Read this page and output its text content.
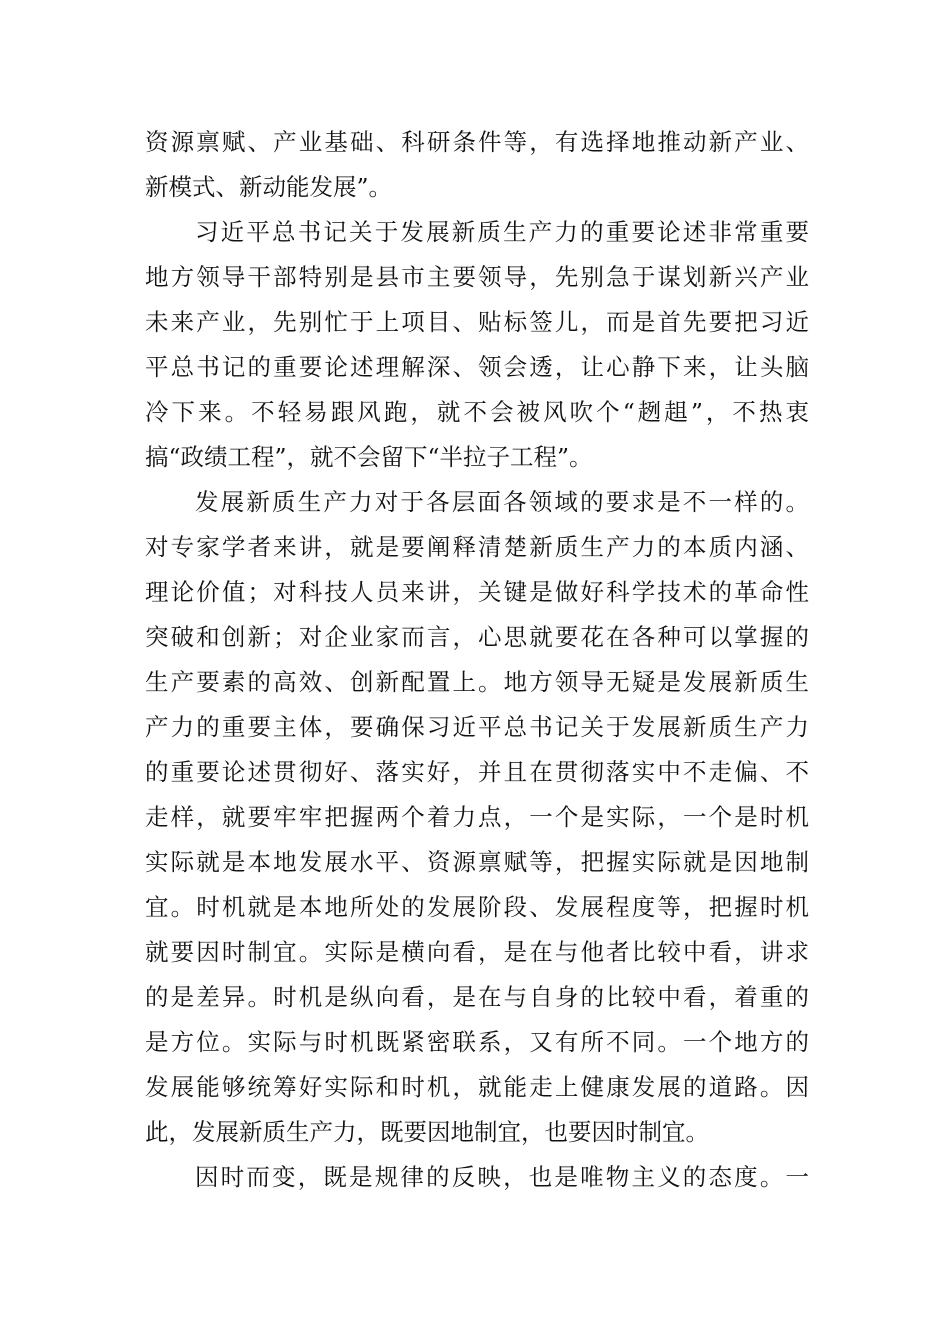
资源禀赋、产业基础、科研条件等，有选择地推动新产业、
新模式、新动能发展”。
习近平总书记关于发展新质生产力的重要论述非常重要
地方领导干部特别是县市主要领导，先别急于谋划新兴产业
未来产业，先别忙于上项目、贴标签儿，而是首先要把习近
平总书记的重要论述理解深、领会透，让心静下来，让头脑
冷下来。不轻易跟风跑，就不会被风吹个“趔趄”，不热衷
搞“政绩工程”，就不会留下“半拉子工程”。
发展新质生产力对于各层面各领域的要求是不一样的。
对专家学者来讲，就是要阐释清楚新质生产力的本质内涵、
理论价值；对科技人员来讲，关键是做好科学技术的革命性
突破和创新；对企业家而言，心思就要花在各种可以掌握的
生产要素的高效、创新配置上。地方领导无疑是发展新质生
产力的重要主体，要确保习近平总书记关于发展新质生产力
的重要论述贯彻好、落实好，并且在贯彻落实中不走偏、不
走样，就要牢牢把握两个着力点，一个是实际，一个是时机
实际就是本地发展水平、资源禀赋等，把握实际就是因地制
宜。时机就是本地所处的发展阶段、发展程度等，把握时机
就要因时制宜。实际是横向看，是在与他者比较中看，讲求
的是差异。时机是纵向看，是在与自身的比较中看，着重的
是方位。实际与时机既紧密联系，又有所不同。一个地方的
发展能够统筹好实际和时机，就能走上健康发展的道路。因
此，发展新质生产力，既要因地制宜，也要因时制宜。
因时而变，既是规律的反映，也是唯物主义的态度。一
